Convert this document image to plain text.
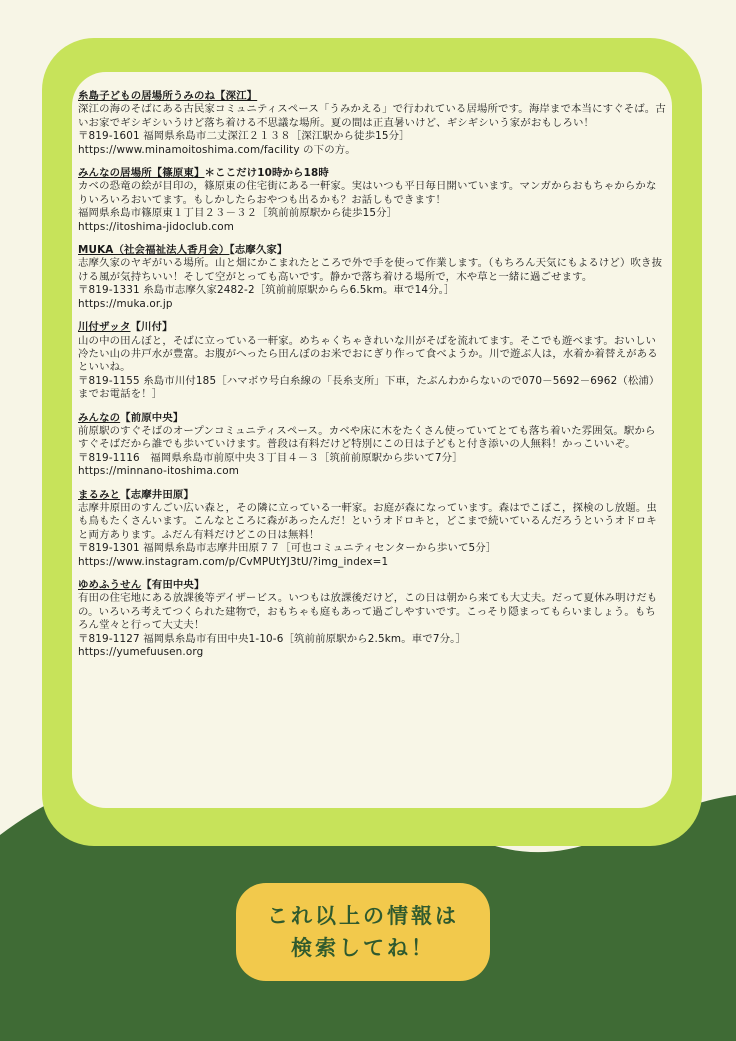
糸島子どもの居場所うみのね【深江】

深江の海のそばにある古民家コミュニティスペース「うみかえる」で行われている居場所です。海岸まで本当にすぐそば。古いお家でギシギシいうけど落ち着ける不思議な場所。夏の間は正直暑いけど、ギシギシいう家がおもしろい！

〒819-1601 福岡県糸島市二丈深江２１３８［深江駅から徒歩15分］

https://www.minamoitoshima.com/facility の下の方。

みんなの居場所【篠原東】＊ここだけ10時から18時

カベの恐竜の絵が目印の，篠原東の住宅街にある一軒家。実はいつも平日毎日開いています。マンガからおもちゃからかなりいろいろおいてます。もしかしたらおやつも出るかも？お話しもできます！

福岡県糸島市篠原東１丁目２３－３２［筑前前原駅から徒歩15分］

https://itoshima-jidoclub.com

MUKA（社会福祉法人香月会）【志摩久家】

志摩久家のヤギがいる場所。山と畑にかこまれたところで外で手を使って作業します。（もちろん天気にもよるけど）吹き抜ける風が気持ちいい！そして空がとっても高いです。静かで落ち着ける場所で，木や草と一緒に過ごせます。

〒819-1331 糸島市志摩久家2482-2［筑前前原駅からら6.5km。車で14分。］

https://muka.or.jp

川付ザッタ【川付】

山の中の田んぼと，そばに立っている一軒家。めちゃくちゃきれいな川がそばを流れてます。そこでも遊べます。おいしい冷たい山の井戸水が豊富。お腹がへったら田んぼのお米でおにぎり作って食べようか。川で遊ぶ人は，水着か着替えがあるといいね。

〒819-1155 糸島市川付185［ハマボウ号白糸線の「長糸支所」下車，たぶんわからないので070－5692－6962（松浦）までお電話を！］

みんなの【前原中央】

前原駅のすぐそばのオープンコミュニティスペース。カベや床に木をたくさん使っていてとても落ち着いた雰囲気。駅からすぐそばだから誰でも歩いていけます。普段は有料だけど特別にこの日は子どもと付き添いの人無料！かっこいいぞ。

〒819-1116　福岡県糸島市前原中央３丁目４－３［筑前前原駅から歩いて7分］

https://minnano-itoshima.com

まるみと【志摩井田原】

志摩井原田のすんごい広い森と，その隣に立っている一軒家。お庭が森になっています。森はでこぼこ，探検のし放題。虫も鳥もたくさんいます。こんなところに森があったんだ！というオドロキと，どこまで続いているんだろうというオドロキと両方あります。ふだん有料だけどこの日は無料！

〒819-1301 福岡県糸島市志摩井田原７７［可也コミュニティセンターから歩いて5分］

https://www.instagram.com/p/CvMPUtYJ3tU/?img_index=1

ゆめふうせん【有田中央】

有田の住宅地にある放課後等デイザービス。いつもは放課後だけど，この日は朝から来ても大丈夫。だって夏休み明けだもの。いろいろ考えてつくられた建物で，おもちゃも庭もあって過ごしやすいです。こっそり隠まってもらいましょう。もちろん堂々と行って大丈夫！

〒819-1127 福岡県糸島市有田中央1-10-6［筑前前原駅から2.5km。車で7分。］

https://yumefuusen.org

これ以上の情報は
検索してね！
